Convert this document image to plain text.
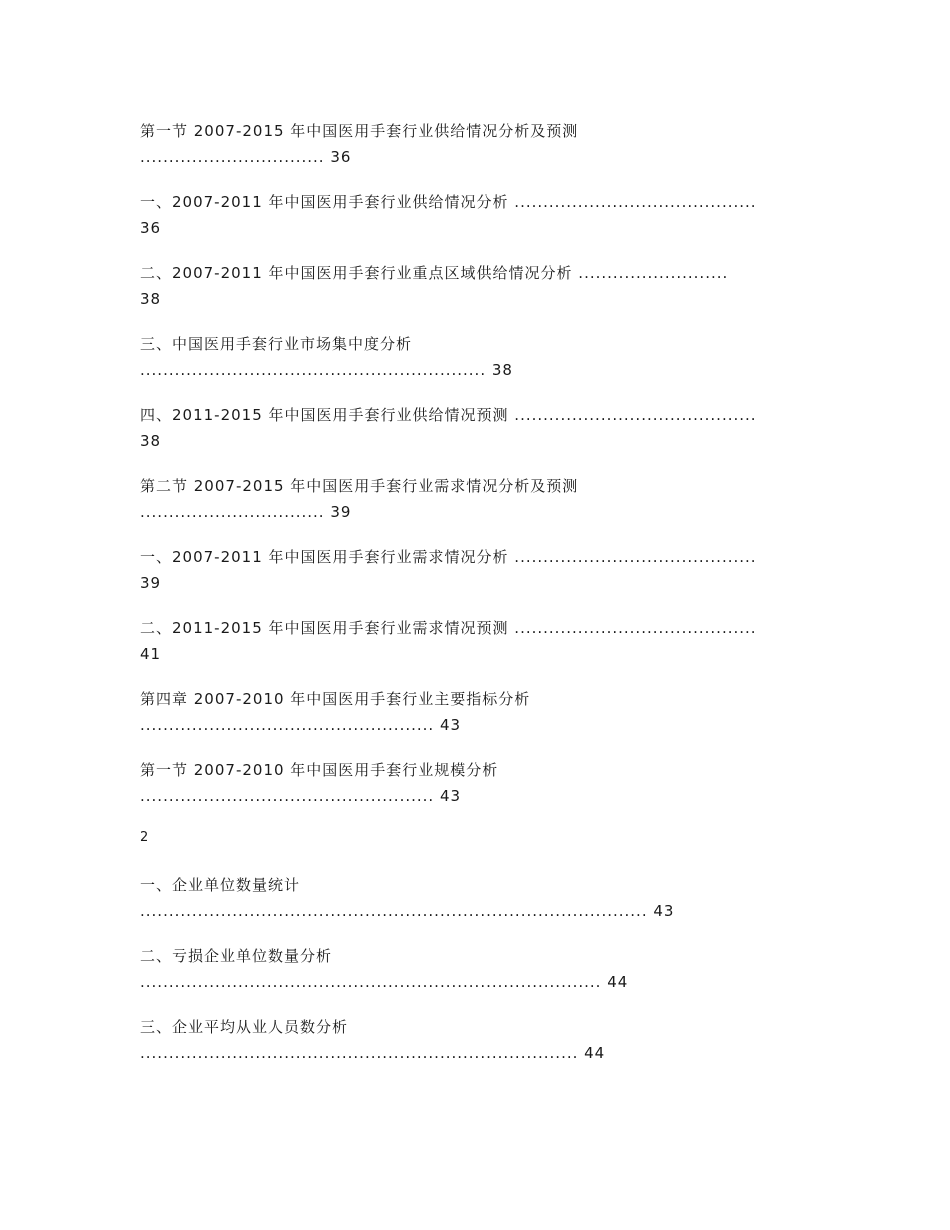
第一节 2007-2015 年中国医用手套行业供给情况分析及预测
................................ 36
一、2007-2011 年中国医用手套行业供给情况分析 ..........................................
36
二、2007-2011 年中国医用手套行业重点区域供给情况分析 ..........................
38
三、中国医用手套行业市场集中度分析
............................................................ 38
四、2011-2015 年中国医用手套行业供给情况预测 ..........................................
38
第二节 2007-2015 年中国医用手套行业需求情况分析及预测
................................ 39
一、2007-2011 年中国医用手套行业需求情况分析 ..........................................
39
二、2011-2015 年中国医用手套行业需求情况预测 ..........................................
41
第四章 2007-2010 年中国医用手套行业主要指标分析
................................................... 43
第一节 2007-2010 年中国医用手套行业规模分析
................................................... 43
2
一、企业单位数量统计
........................................................................................ 43
二、亏损企业单位数量分析
................................................................................ 44
三、企业平均从业人员数分析
............................................................................ 44
